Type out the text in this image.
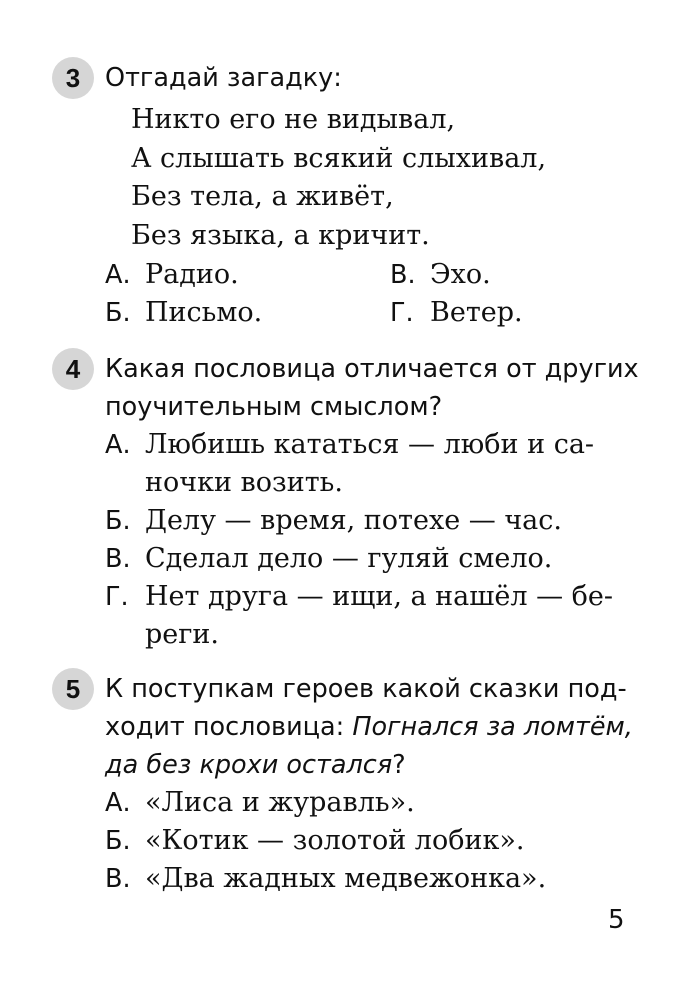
3 Отгадай загадку:
Никто его не видывал,
А слышать всякий слыхивал,
Без тела, а живёт,
Без языка, а кричит.
А. Радио.	В. Эхо.
Б. Письмо.	Г. Ветер.
4 Какая пословица отличается от других
поучительным смыслом?
А. Любишь кататься — люби и са-
ночки возить.
Б. Делу — время, потехе — час.
В. Сделал дело — гуляй смело.
Г. Нет друга — ищи, а нашёл — бе-
реги.
5 К поступкам героев какой сказки под-
ходит пословица: Погнался за ломтём,
да без крохи остался?
А. «Лиса и журавль».
Б. «Котик — золотой лобик».
В. «Два жадных медвежонка».
5
